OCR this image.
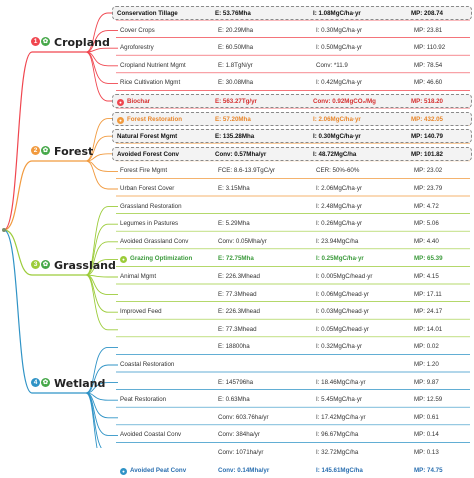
1 ✿ Cropland
Conservation Tillage	E: 53.76Mha	I: 1.08MgC/ha·yr	MP: 208.74
Cover Crops	E: 20.29Mha	I: 0.30MgC/ha·yr	MP: 23.81
Agroforestry	E: 60.50Mha	I: 0.50MgC/ha·yr	MP: 110.92
Cropland Nutrient Mgmt	E: 1.8TgN/yr	Conv: *11.9	MP: 78.54
Rice Cultivation Mgmt	E: 30.08Mha	I: 0.42MgC/ha·yr	MP: 46.60
● Biochar	E: 563.27Tg/yr	Conv: 0.92MgCO₂/Mg	MP: 518.20
2 ✿ Forest
● Forest Restoration	E: 57.20Mha	I: 2.06MgC/ha·yr	MP: 432.05
Natural Forest Mgmt	E: 135.28Mha	I: 0.30MgC/ha·yr	MP: 140.79
Avoided Forest Conv	Conv: 0.57Mha/yr	I: 48.72MgC/ha	MP: 101.82
Forest Fire Mgmt	FCE: 8.6-13.9TgC/yr	CER: 50%-60%	MP: 23.02
Urban Forest Cover	E: 3.15Mha	I: 2.06MgC/ha·yr	MP: 23.79
3 ✿ Grassland
Grassland Restoration	I: 2.48MgC/ha·yr	MP: 4.72
Legumes in Pastures	E: 5.29Mha	I: 0.26MgC/ha·yr	MP: 5.06
Avoided Grassland Conv	Conv: 0.05Mha/yr	I: 23.94MgC/ha	MP: 4.40
● Grazing Optimization	E: 72.75Mha	I: 0.25MgC/ha·yr	MP: 65.39
Animal Mgmt	E: 226.3Mhead	I: 0.005MgC/head·yr	MP: 4.15
E: 77.3Mhead	I: 0.06MgC/head·yr	MP: 17.11
Improved Feed	E: 226.3Mhead	I: 0.03MgC/head·yr	MP: 24.17
E: 77.3Mhead	I: 0.05MgC/head·yr	MP: 14.01
4 ✿ Wetland
E: 18800ha	I: 0.32MgC/ha·yr	MP: 0.02
Coastal Restoration	MP: 1.20
E: 145796ha	I: 18.46MgC/ha·yr	MP: 9.87
Peat Restoration	E: 0.63Mha	I: 5.45MgC/ha·yr	MP: 12.59
Conv: 603.76ha/yr	I: 17.42MgC/ha·yr	MP: 0.61
Avoided Coastal Conv	Conv: 384ha/yr	I: 96.67MgC/ha	MP: 0.14
Conv: 1071ha/yr	I: 32.72MgC/ha	MP: 0.13
● Avoided Peat Conv	Conv: 0.14Mha/yr	I: 145.61MgC/ha	MP: 74.75
